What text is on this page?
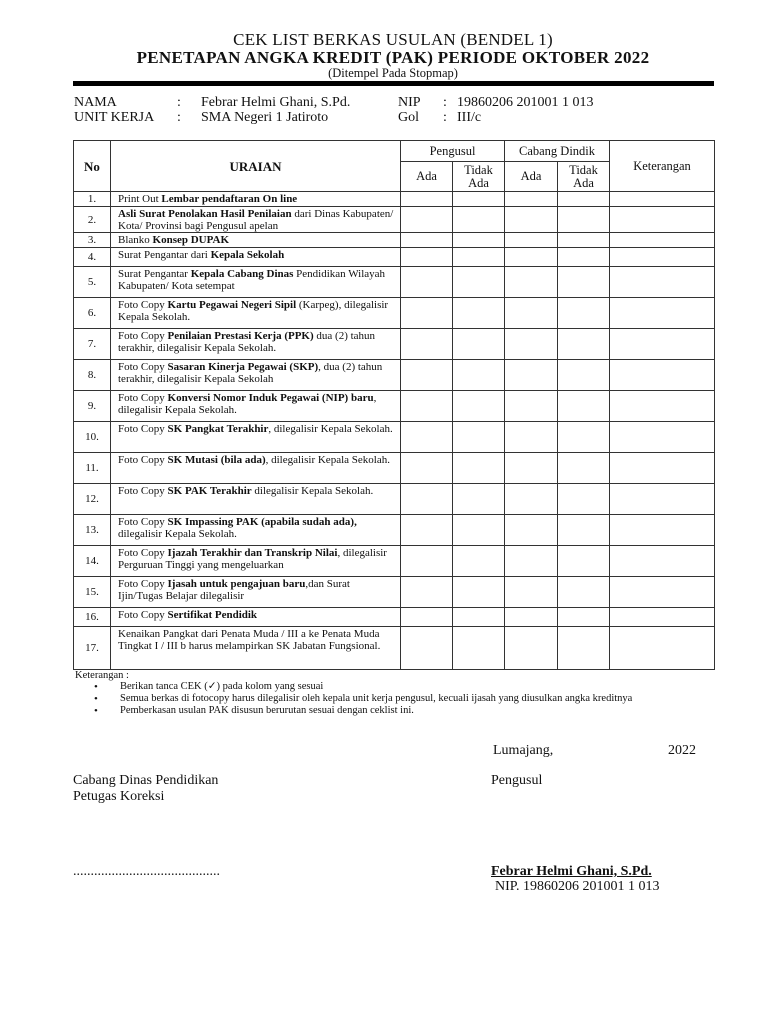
CEK LIST BERKAS USULAN (BENDEL 1)
PENETAPAN ANGKA KREDIT (PAK) PERIODE OKTOBER 2022
(Ditempel Pada Stopmap)
NAMA	: Febrar Helmi Ghani, S.Pd.	NIP : 19860206 201001 1 013
UNIT KERJA : SMA Negeri 1 Jatiroto	Gol : III/c
No	URAIAN	Pengusul		Cabang Dindik		Keterangan
		Ada	Tidak Ada	Ada	Tidak Ada	
1.	Print Out Lembar pendaftaran On line					
2.	Asli Surat Penolakan Hasil Penilaian dari Dinas Kabupaten/ Kota/ Provinsi bagi Pengusul apelan					
3.	Blanko Konsep DUPAK					
4.	Surat Pengantar dari Kepala Sekolah					
5.	Surat Pengantar Kepala Cabang Dinas Pendidikan Wilayah Kabupaten/ Kota setempat					
6.	Foto Copy Kartu Pegawai Negeri Sipil (Karpeg), dilegalisir Kepala Sekolah.					
7.	Foto Copy Penilaian Prestasi Kerja (PPK) dua (2) tahun terakhir, dilegalisir Kepala Sekolah.					
8.	Foto Copy Sasaran Kinerja Pegawai (SKP), dua (2) tahun terakhir, dilegalisir Kepala Sekolah					
9.	Foto Copy Konversi Nomor Induk Pegawai (NIP) baru, dilegalisir Kepala Sekolah.					
10.	Foto Copy SK Pangkat Terakhir, dilegalisir Kepala Sekolah.					
11.	Foto Copy SK Mutasi (bila ada), dilegalisir Kepala Sekolah.					
12.	Foto Copy SK PAK Terakhir dilegalisir Kepala Sekolah.					
13.	Foto Copy SK Impassing PAK (apabila sudah ada), dilegalisir Kepala Sekolah.					
14.	Foto Copy Ijazah Terakhir dan Transkrip Nilai, dilegalisir Perguruan Tinggi yang mengeluarkan					
15.	Foto Copy Ijasah untuk pengajuan baru,dan Surat Ijin/Tugas Belajar dilegalisir					
16.	Foto Copy Sertifikat Pendidik					
17.	Kenaikan Pangkat dari Penata Muda / III a ke Penata Muda Tingkat I / III b harus melampirkan SK Jabatan Fungsional.					
Keterangan :
• Berikan tanca CEK (✓) pada kolom yang sesuai
• Semua berkas di fotocopy harus dilegalisir oleh kepala unit kerja pengusul, kecuali ijasah yang diusulkan angka kreditnya
• Pemberkasan usulan PAK disusun berurutan sesuai dengan ceklist ini.
Lumajang,	2022
Cabang Dinas Pendidikan
Petugas Koreksi
Pengusul
..........................................	Febrar Helmi Ghani, S.Pd.
NIP. 19860206 201001 1 013
